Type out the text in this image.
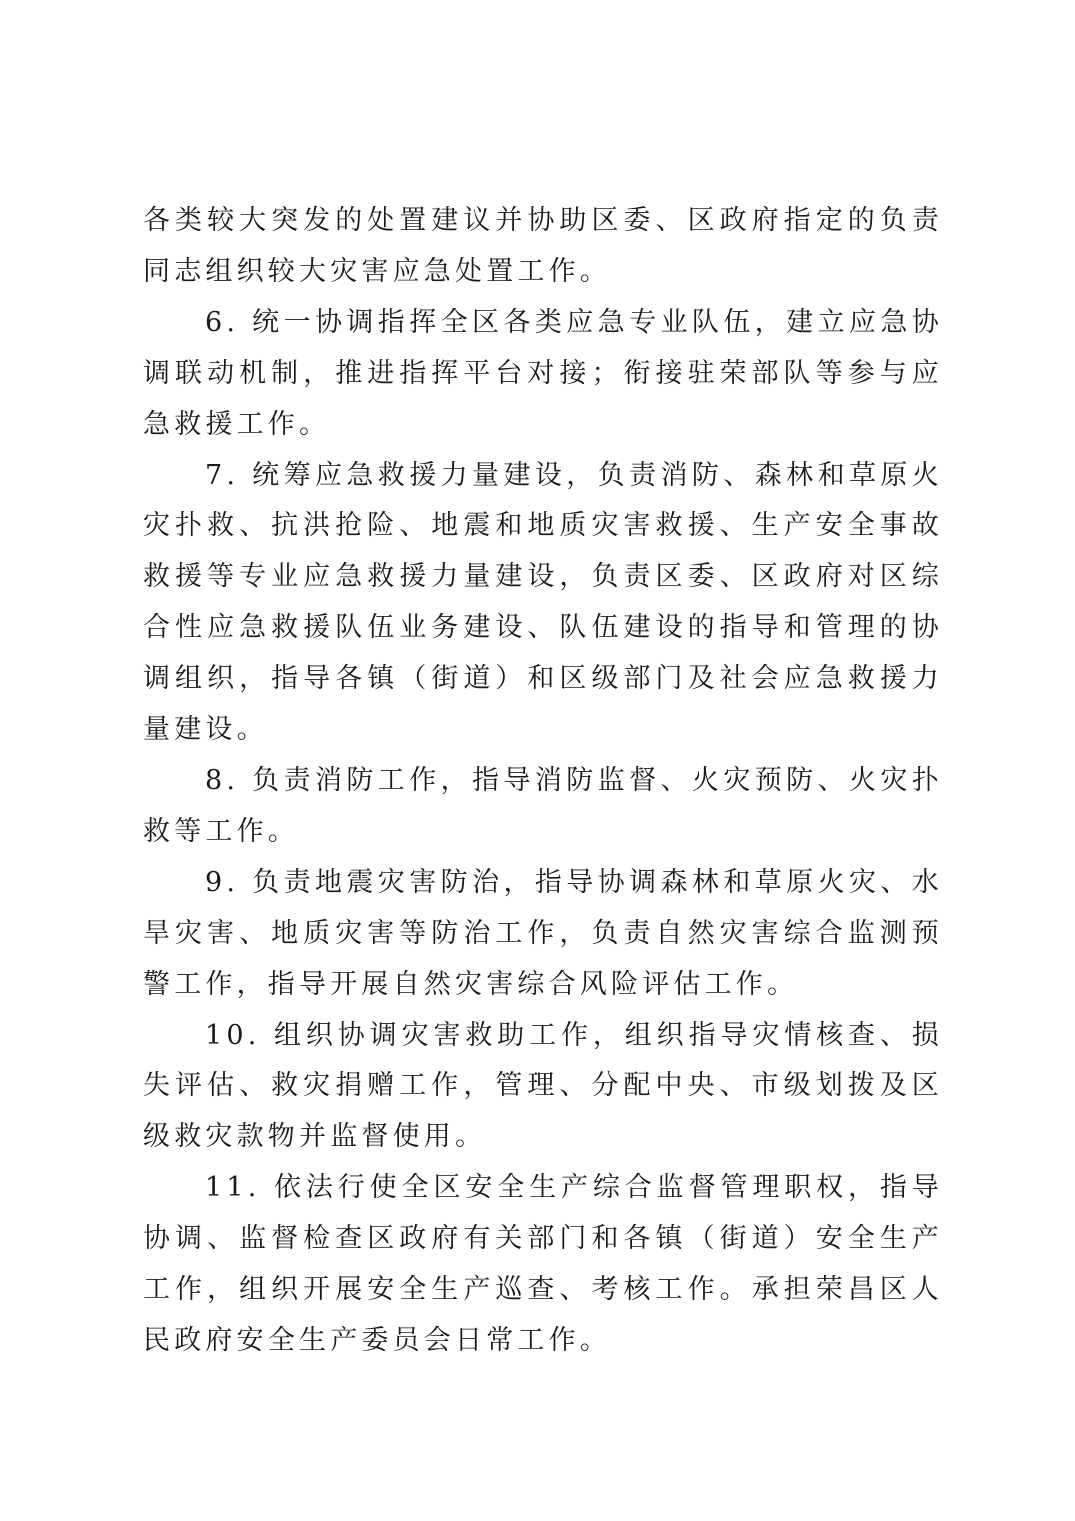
各类较大突发的处置建议并协助区委、区政府指定的负责同志组织较大灾害应急处置工作。

6. 统一协调指挥全区各类应急专业队伍，建立应急协调联动机制，推进指挥平台对接；衔接驻荣部队等参与应急救援工作。

7. 统筹应急救援力量建设，负责消防、森林和草原火灾扑救、抗洪抢险、地震和地质灾害救援、生产安全事故救援等专业应急救援力量建设，负责区委、区政府对区综合性应急救援队伍业务建设、队伍建设的指导和管理的协调组织，指导各镇（街道）和区级部门及社会应急救援力量建设。

8. 负责消防工作，指导消防监督、火灾预防、火灾扑救等工作。

9. 负责地震灾害防治，指导协调森林和草原火灾、水旱灾害、地质灾害等防治工作，负责自然灾害综合监测预警工作，指导开展自然灾害综合风险评估工作。

10. 组织协调灾害救助工作，组织指导灾情核查、损失评估、救灾捐赠工作，管理、分配中央、市级划拨及区级救灾款物并监督使用。

11. 依法行使全区安全生产综合监督管理职权，指导协调、监督检查区政府有关部门和各镇（街道）安全生产工作，组织开展安全生产巡查、考核工作。承担荣昌区人民政府安全生产委员会日常工作。
